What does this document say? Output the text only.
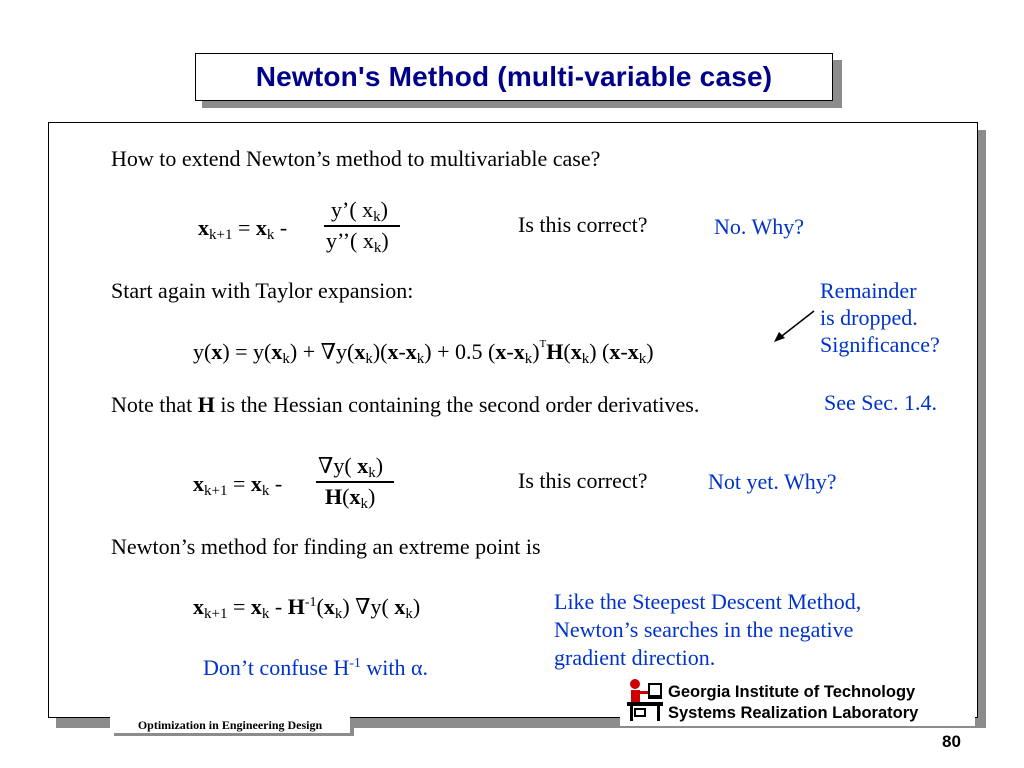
Newton's Method (multi-variable case)
How to extend Newton’s method to multivariable case?
$x_{k+1} = x_k$ -
y’( $x_k$)
y’’( $x_k$)
Is this correct?	No. Why?
Start again with Taylor expansion:	Remainder
is dropped.
Significance?
$y(x) = y(x_k) + \nabla y(x_k)(x-x_k) + 0.5$ $(x-x_k)^TH(x_k)$ $(x-x_k)$
Note that H is the Hessian containing the second order derivatives.	See Sec. 1.4.
$x_{k+1} = x_k$ -
∇y( $x_k$)
$H(x_k)$
Is this correct?	Not yet. Why?
Newton’s method for finding an extreme point is
$x_{k+1} = x_k - H^{-1}(x_k)$ ∇y( $x_k$)	Like the Steepest Descent Method,
Newton’s searches in the negative
gradient direction.
Don’t confuse $H^{-1}$ with α.
Optimization in Engineering Design
Georgia Institute of Technology
Systems Realization Laboratory
80
